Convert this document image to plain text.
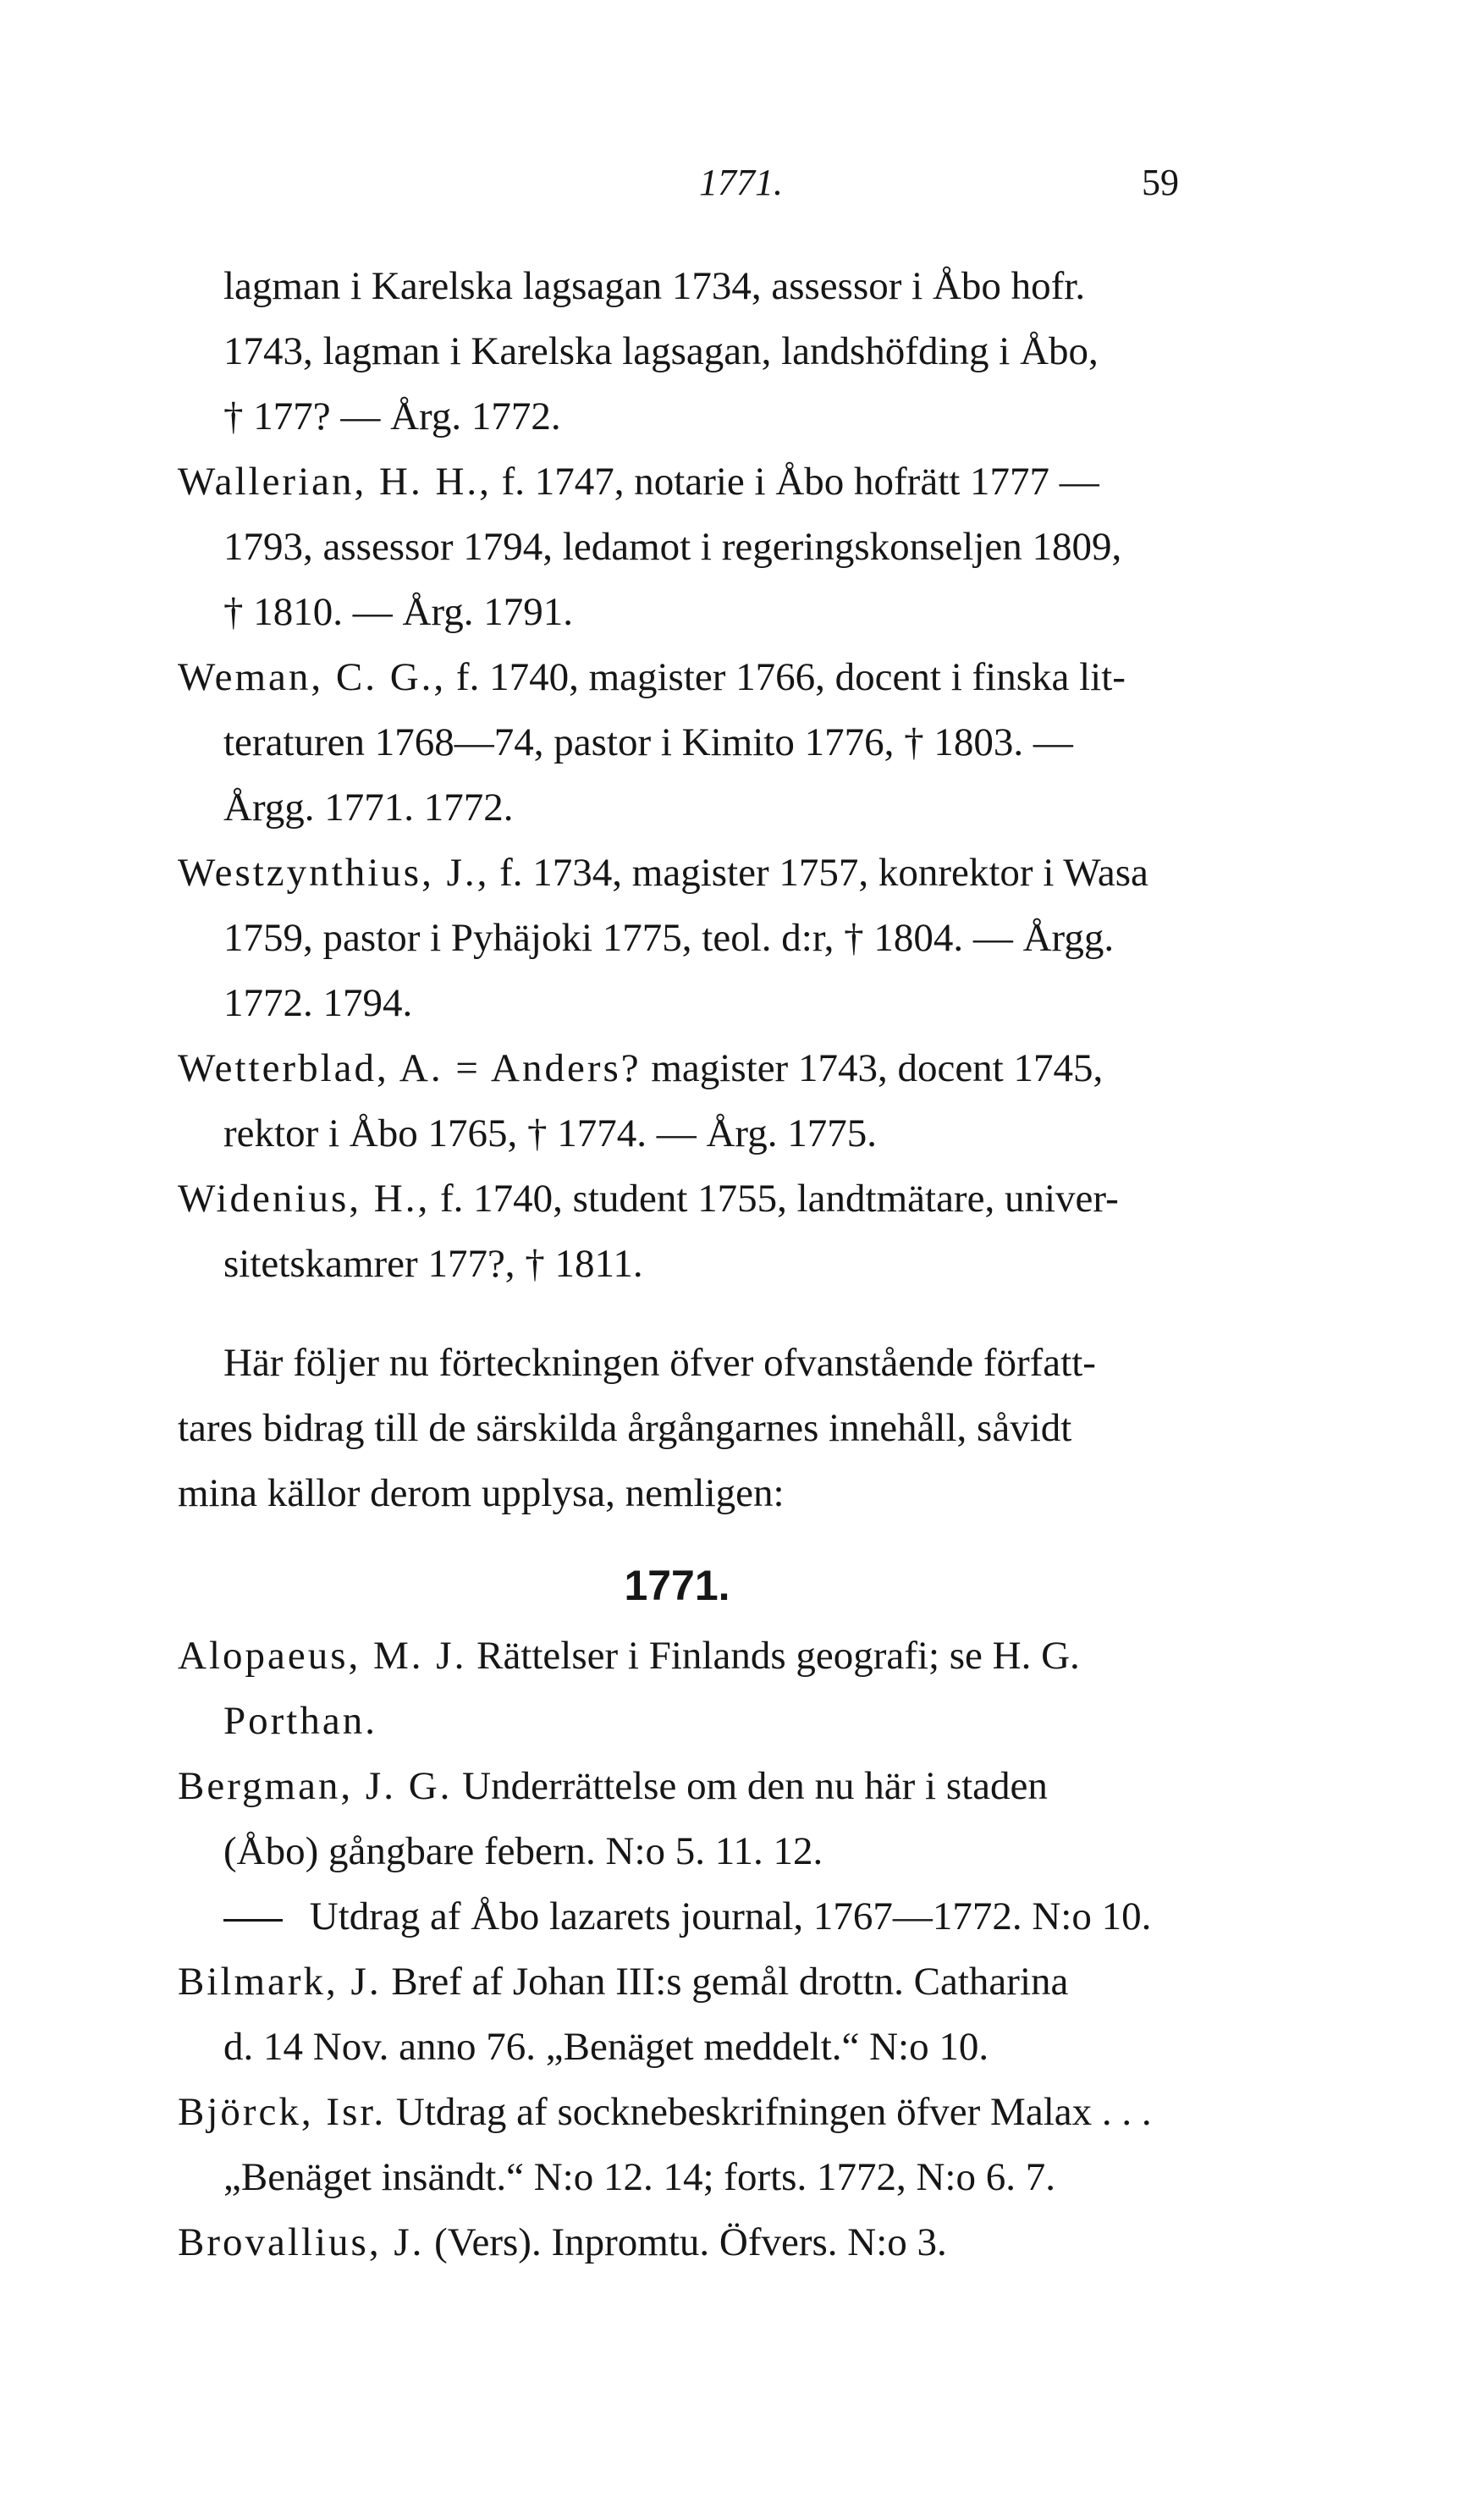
1771.	59
lagman i Karelska lagsagan 1734, assessor i Åbo hofr.
1743, lagman i Karelska lagsagan, landshöfding i Åbo,
† 177? — Årg. 1772.
Wallerian, H. H., f. 1747, notarie i Åbo hofrätt 1777 —
1793, assessor 1794, ledamot i regeringskonseljen 1809,
† 1810. — Årg. 1791.
Weman, C. G., f. 1740, magister 1766, docent i finska lit-
teraturen 1768—74, pastor i Kimito 1776, † 1803. —
Årgg. 1771. 1772.
Westzynthius, J., f. 1734, magister 1757, konrektor i Wasa
1759, pastor i Pyhäjoki 1775, teol. d:r, † 1804. — Årgg.
1772. 1794.
Wetterblad, A. = Anders? magister 1743, docent 1745,
rektor i Åbo 1765, † 1774. — Årg. 1775.
Widenius, H., f. 1740, student 1755, landtmätare, univer-
sitetskamrer 177?, † 1811.
Här följer nu förteckningen öfver ofvanstående författ-
tares bidrag till de särskilda årgångarnes innehåll, såvidt
mina källor derom upplysa, nemligen:
1771.
Alopaeus, M. J. Rättelser i Finlands geografi; se H. G.
Porthan.
Bergman, J. G. Underrättelse om den nu här i staden
(Åbo) gångbare febern. N:o 5. 11. 12.
Utdrag af Åbo lazarets journal, 1767—1772. N:o 10.
Bilmark, J. Bref af Johan III:s gemål drottn. Catharina
d. 14 Nov. anno 76. „Benäget meddelt.“ N:o 10.
Björck, Isr. Utdrag af socknebeskrifningen öfver Malax . . .
„Benäget insändt.“ N:o 12. 14; forts. 1772, N:o 6. 7.
Brovallius, J. (Vers). Inpromtu. Öfvers. N:o 3.
